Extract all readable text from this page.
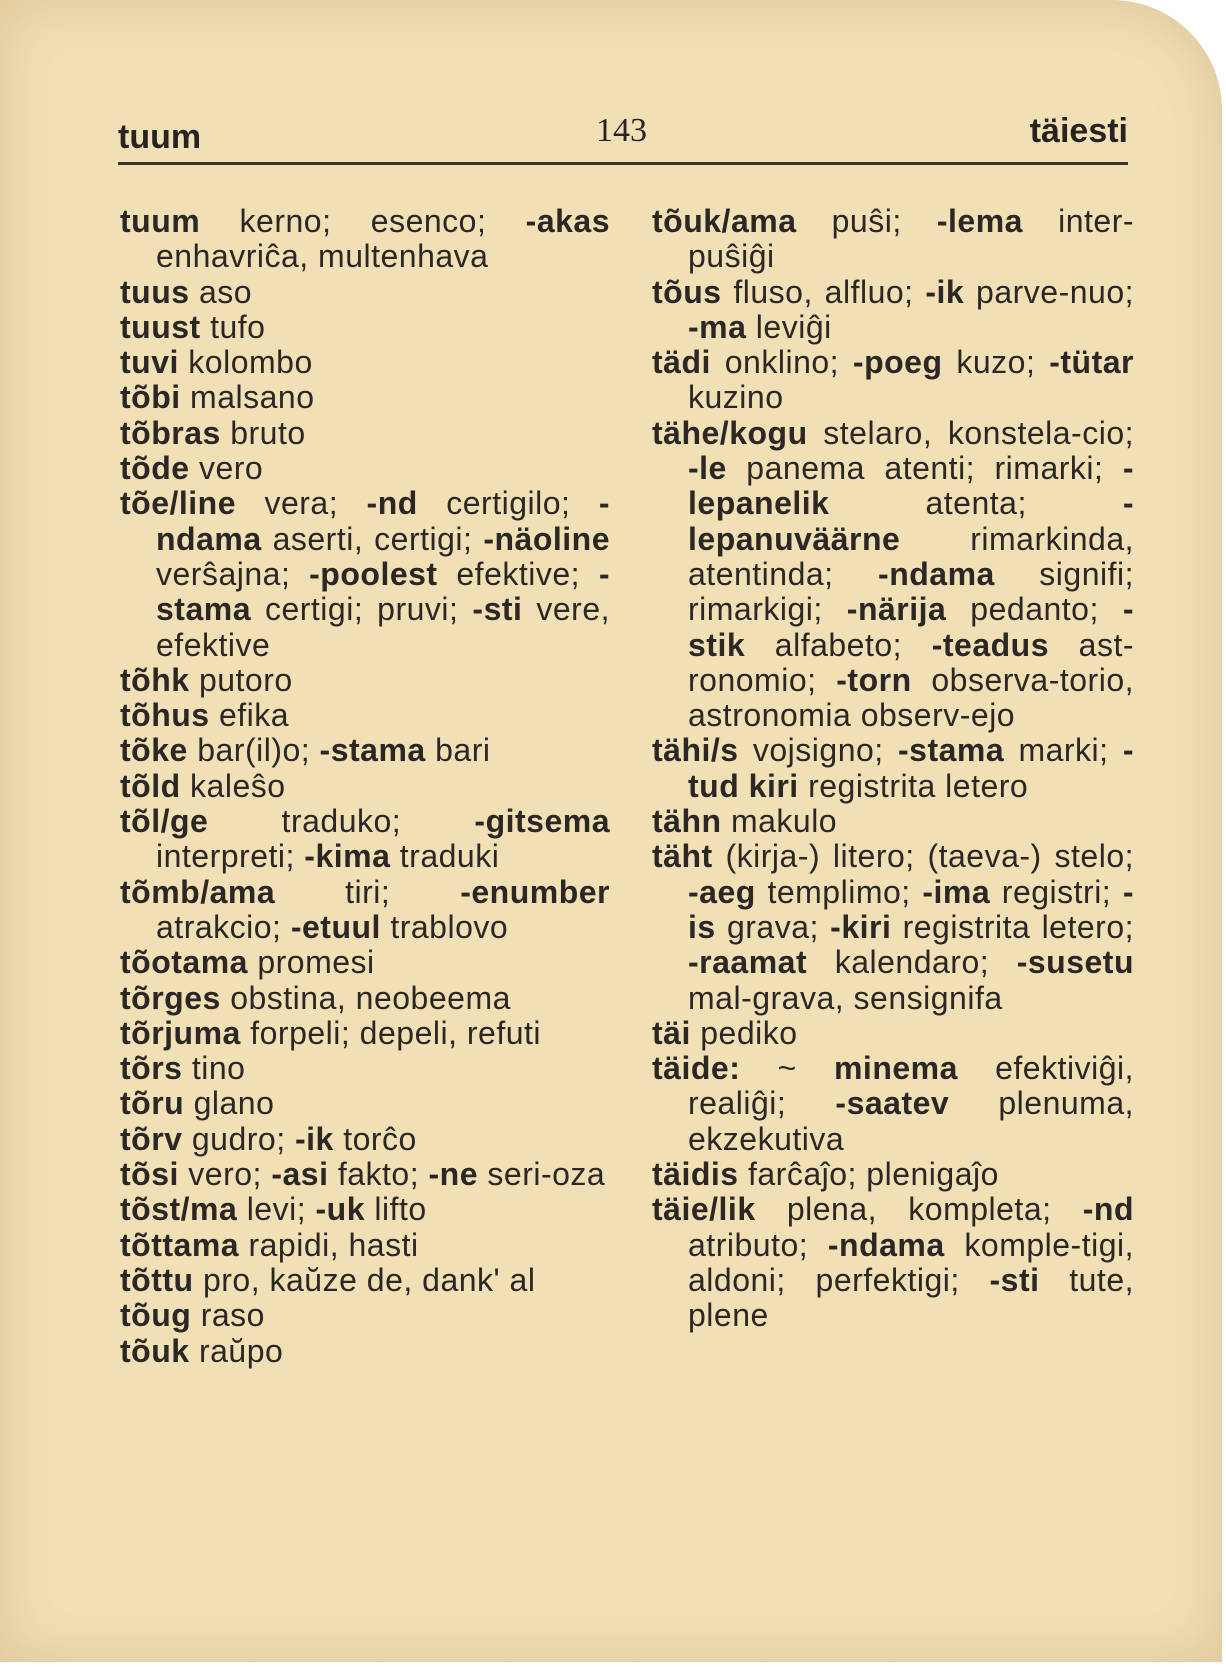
tuum	143	täiesti
tuum kerno; esenco; -akas enhavriĉa, multenhava
tuus aso
tuust tufo
tuvi kolombo
tõbi malsano
tõbras bruto
tõde vero
tõe/line vera; -nd certigilo; -ndama aserti, certigi; -näoline verŝajna; -poolest efektive; -stama certigi; pruvi; -sti vere, efektive
tõhk putoro
tõhus efika
tõke bar(il)o; -stama bari
tõld kaleŝo
tõl/ge traduko; -gitsema interpreti; -kima traduki
tõmb/ama tiri; -enumber atrakcio; -etuul trablovo
tõotama promesi
tõrges obstina, neobeema
tõrjuma forpeli; depeli, refuti
tõrs tino
tõru glano
tõrv gudro; -ik torĉo
tõsi vero; -asi fakto; -ne seri-oza
tõst/ma levi; -uk lifto
tõttama rapidi, hasti
tõttu pro, kaŭze de, dank' al
tõug raso
tõuk raŭpo
tõuk/ama puŝi; -lema inter-puŝiĝi
tõus fluso, alfluo; -ik parve-nuo; -ma leviĝi
tädi onklino; -poeg kuzo; -tütar kuzino
tähe/kogu stelaro, konstela-cio; -le panema atenti; rimarki; -lepanelik atenta; -lepanuväärne rimarkinda, atentinda; -ndama signifi; rimarkigi; -närija pedanto; -stik alfabeto; -teadus ast-ronomio; -torn observa-torio, astronomia observ-ejo
tähi/s vojsigno; -stama marki; -tud kiri registrita letero
tähn makulo
täht (kirja-) litero; (taeva-) stelo; -aeg templimo; -ima registri; -is grava; -kiri registrita letero; -raamat kalendaro; -susetu mal-grava, sensignifa
täi pediko
täide: ~ minema efektiviĝi, realiĝi; -saatev plenuma, ekzekutiva
täidis farĉaĵo; plenigaĵo
täie/lik plena, kompleta; -nd atributo; -ndama komple-tigi, aldoni; perfektigi; -sti tute, plene
